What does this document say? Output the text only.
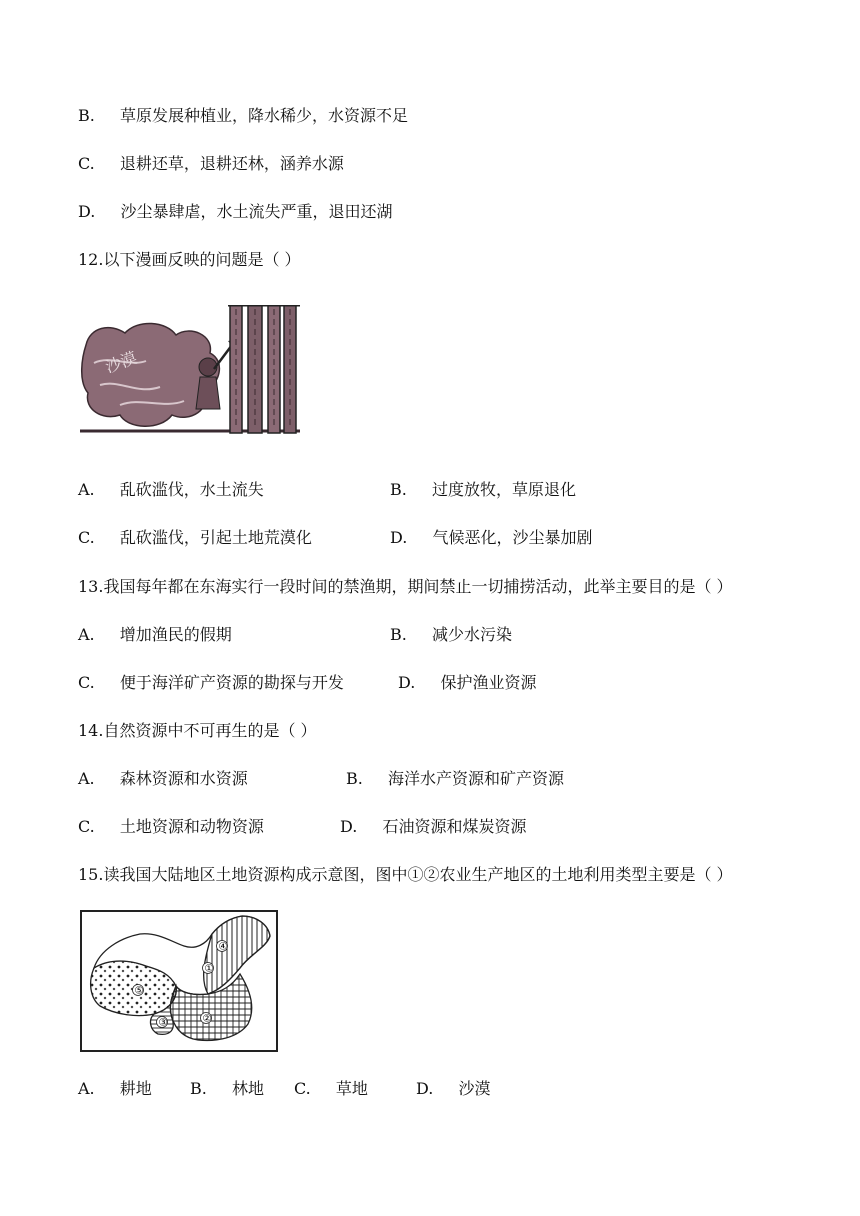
B. 草原发展种植业，降水稀少，水资源不足
C. 退耕还草，退耕还林，涵养水源
D. 沙尘暴肆虐，水土流失严重，退田还湖
12.以下漫画反映的问题是（ ）
沙漠
A. 乱砍滥伐，水土流失	B. 过度放牧，草原退化
C. 乱砍滥伐，引起土地荒漠化	D. 气候恶化，沙尘暴加剧
13.我国每年都在东海实行一段时间的禁渔期，期间禁止一切捕捞活动，此举主要目的是（ ）
A. 增加渔民的假期	B. 减少水污染
C. 便于海洋矿产资源的勘探与开发	D. 保护渔业资源
14.自然资源中不可再生的是（ ）
A. 森林资源和水资源	B. 海洋水产资源和矿产资源
C. 土地资源和动物资源	D. 石油资源和煤炭资源
15.读我国大陆地区土地资源构成示意图，图中①②农业生产地区的土地利用类型主要是（ ）
①
②
③
④
⑤
A. 耕地 B. 林地 C. 草地	D. 沙漠
